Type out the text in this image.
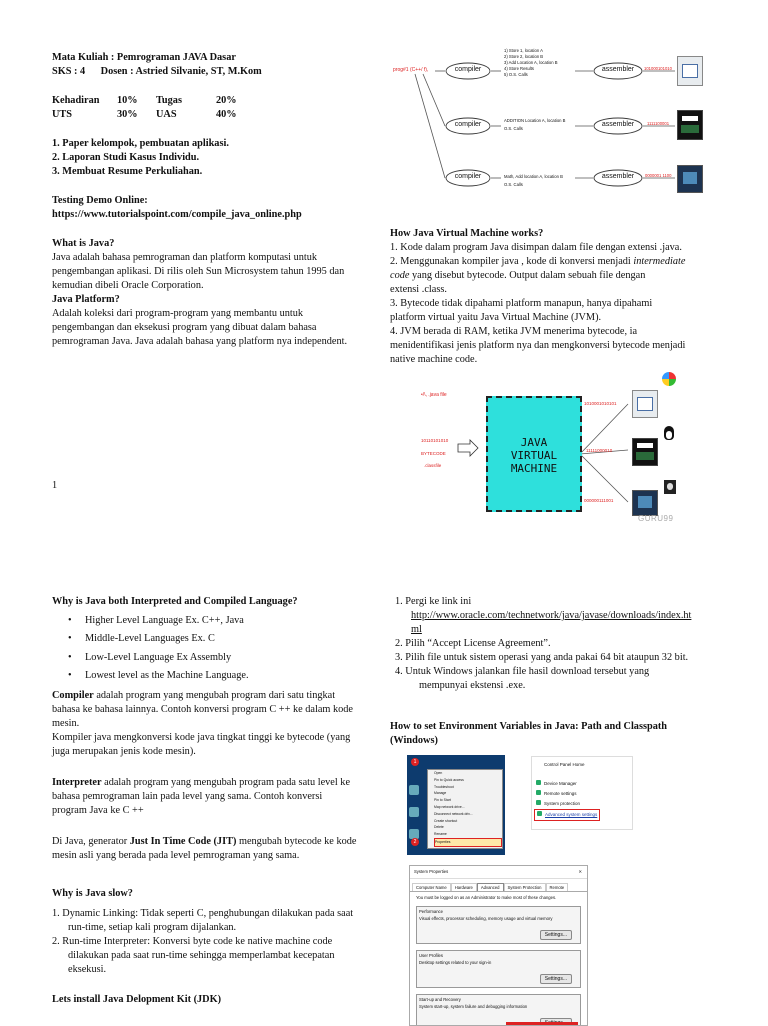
Mata Kuliah : Pemrograman JAVA Dasar
SKS : 4      Dosen : Astried Silvanie, ST, M.Kom
Kehadiran 10% Tugas	20%
UTS	30% UAS	40%
1. Paper kelompok, pembuatan aplikasi.
2. Laporan Studi Kasus Individu.
3. Membuat Resume Perkuliahan.
Testing Demo Online:
https://www.tutorialspoint.com/compile_java_online.php

What is Java?

Java adalah bahasa pemrograman dan platform komputasi untuk

pengembangan aplikasi. Di rilis oleh Sun Microsystem tahun 1995 dan

kemudian dibeli Oracle Corporation.

Java Platform?

Adalah koleksi dari program-program yang membantu untuk

pengembangan dan eksekusi program yang dibuat dalam bahasa

pemrograman Java. Java adalah bahasa yang platform nya independent.

1
prog#1 (C++/ f),	compiler
compiler
compiler
assembler
assembler
assembler
1) Store 1, location A
2) Store 2, location B
3) Add Location A, location B
4) Store Results
5) O.S. Calls
ADDITION Location A, location B
O.S. Calls
Math, Add location A, location B
O.S. Calls
101000101010
1111100001
0000001 1100

How Java Virtual Machine works?

1. Kode dalam program Java disimpan dalam file dengan extensi .java.

2. Menggunakan kompiler java , kode di konversi menjadi intermediate

code yang disebut bytecode. Output dalam sebuah file dengan

extensi .class.

3. Bytecode tidak dipahami platform manapun, hanya dipahami

platform virtual yaitu Java Virtual Machine (JVM).

4. JVM berada di RAM, ketika JVM menerima bytecode, ia

menidentifikasi jenis platform nya dan mengkonversi bytecode menjadi

native machine code.

•/\, .java file
10110101010
BYTECODE
.classfile
JAVA
VIRTUAL
MACHINE
1010001010101
11111000010
000000111001
GURU99
Why is Java both Interpreted and Compiled Language?
• Higher Level Language Ex. C++, Java
• Middle-Level Languages Ex. C
• Low-Level Language Ex Assembly
• Lowest level as the Machine Language.

Compiler adalah program yang mengubah program dari satu tingkat

bahasa ke bahasa lainnya. Contoh konversi program C ++ ke dalam kode

mesin.

Kompiler java mengkonversi kode java tingkat tinggi ke bytecode (yang

juga merupakan jenis kode mesin).

Interpreter adalah program yang mengubah program pada satu level ke

bahasa pemrograman lain pada level yang sama. Contoh konversi

program Java ke C ++

Di Java, generator Just In Time Code (JIT) mengubah bytecode ke kode

mesin asli yang berada pada level pemrograman yang sama.

Why is Java slow?

1. Dynamic Linking: Tidak seperti C, penghubungan dilakukan pada saat

run-time, setiap kali program dijalankan.

2. Run-time Interpreter: Konversi byte code ke native machine code

dilakukan pada saat run-time sehingga memperlambat kecepatan

eksekusi.

Lets install Java Delopment Kit (JDK)

1. Pergi ke link ini

http://www.oracle.com/technetwork/java/javase/downloads/index.ht

ml

2. Pilih “Accept License Agreement”.

3. Pilih file untuk sistem operasi yang anda pakai 64 bit ataupun 32 bit.

4. Untuk Windows jalankan file hasil download tersebut yang

mempunyai ekstensi .exe.

How to set Environment Variables in Java: Path and Classpath

(Windows)

1
2
Open
Pin to Quick access
Troubleshoot
Manage
Pin to Start
Map network drive...
Disconnect network driv...
Create shortcut
Delete
Rename
Properties
Control Panel Home
Device Manager
Remote settings
System protection
Advanced system settings
System Properties	✕
Computer Name	Hardware	Advanced	System Protection	Remote
You must be logged on as an Administrator to make most of these changes.
Performance
Visual effects, processor scheduling, memory usage and virtual memory
Settings...
User Profiles
Desktop settings related to your sign-in
Settings...
Start-up and Recovery
System start-up, system failure and debugging information
